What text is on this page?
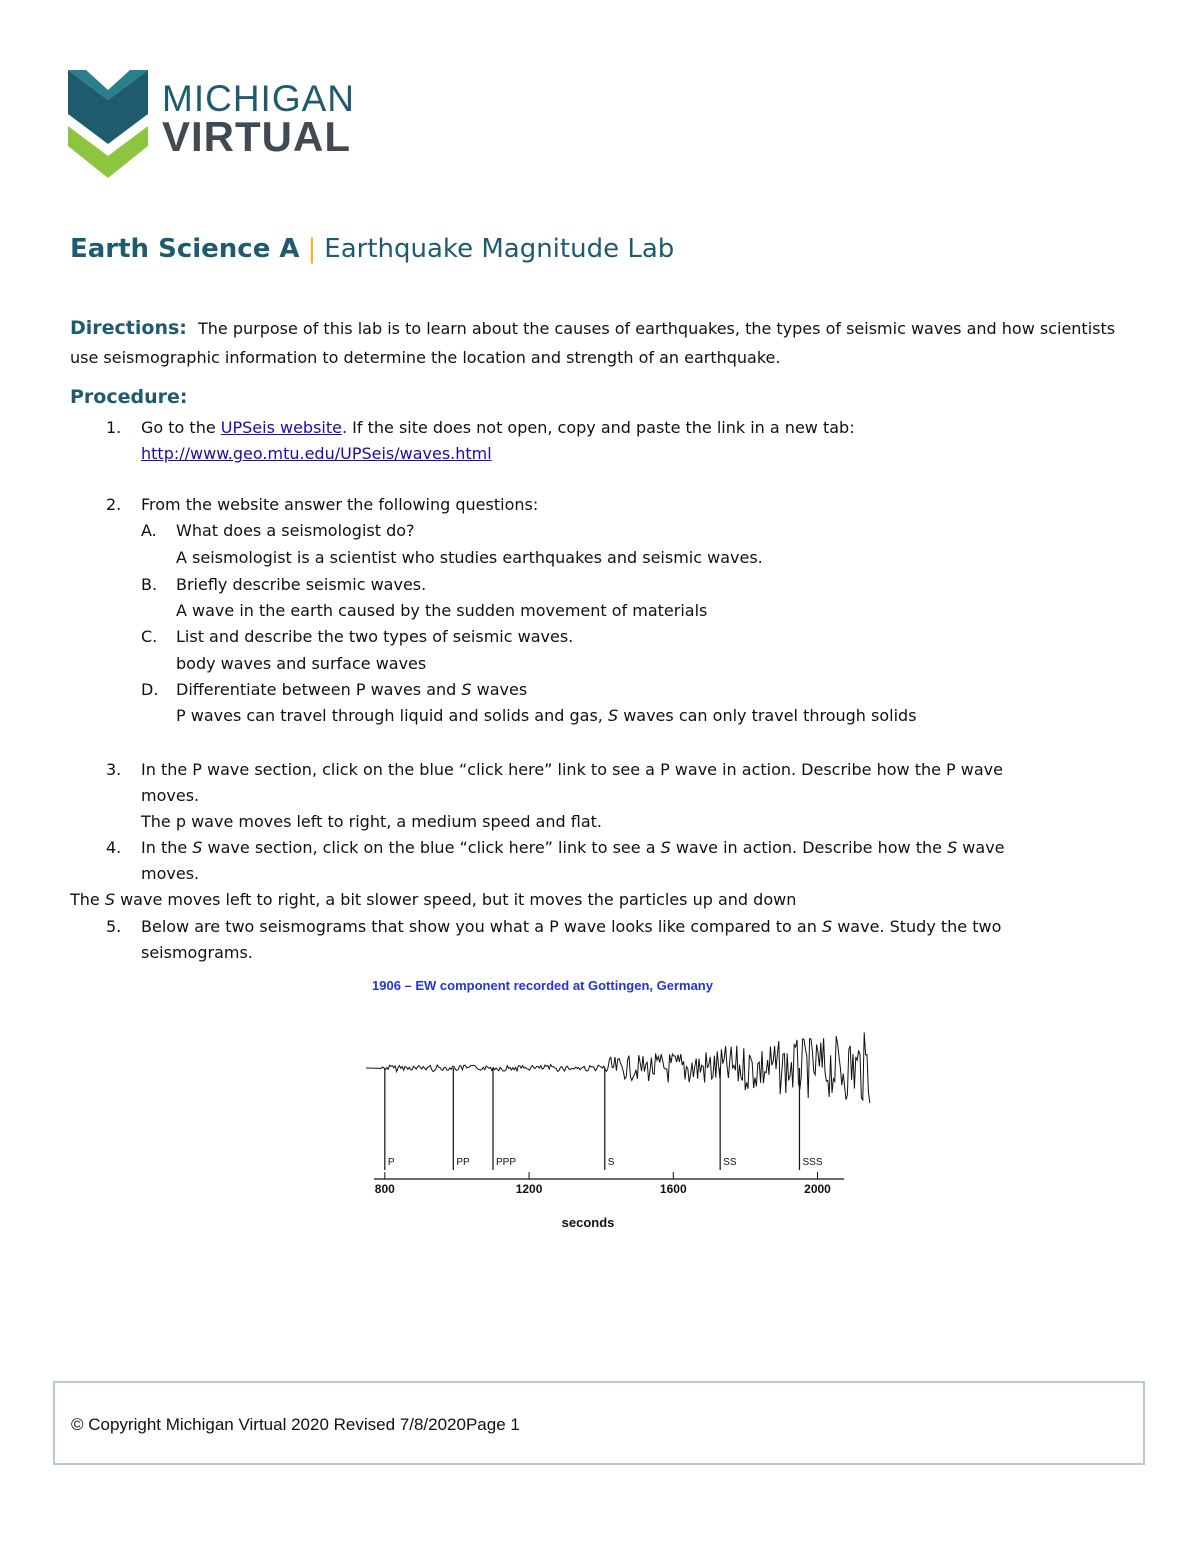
MICHIGAN
VIRTUAL
Earth Science A | Earthquake Magnitude Lab
Directions: The purpose of this lab is to learn about the causes of earthquakes, the types of seismic waves and how scientists use seismographic information to determine the location and strength of an earthquake.
Procedure:
1. Go to the UPSeis website. If the site does not open, copy and paste the link in a new tab:
http://www.geo.mtu.edu/UPSeis/waves.html
2. From the website answer the following questions:
A. What does a seismologist do?
A seismologist is a scientist who studies earthquakes and seismic waves.
B. Briefly describe seismic waves.
A wave in the earth caused by the sudden movement of materials
C. List and describe the two types of seismic waves.
body waves and surface waves
D. Differentiate between P waves and S waves
P waves can travel through liquid and solids and gas, S waves can only travel through solids
3. In the P wave section, click on the blue “click here” link to see a P wave in action. Describe how the P wave
moves.
The p wave moves left to right, a medium speed and flat.
4. In the S wave section, click on the blue “click here” link to see a S wave in action. Describe how the S wave
moves.
The S wave moves left to right, a bit slower speed, but it moves the particles up and down
5. Below are two seismograms that show you what a P wave looks like compared to an S wave. Study the two
seismograms.
1906 – EW component recorded at Gottingen, Germany
seconds
P	PP	PPP	S	SS	SSS
800	1200	1600	2000
© Copyright Michigan Virtual 2020 Revised 7/8/2020Page 1
